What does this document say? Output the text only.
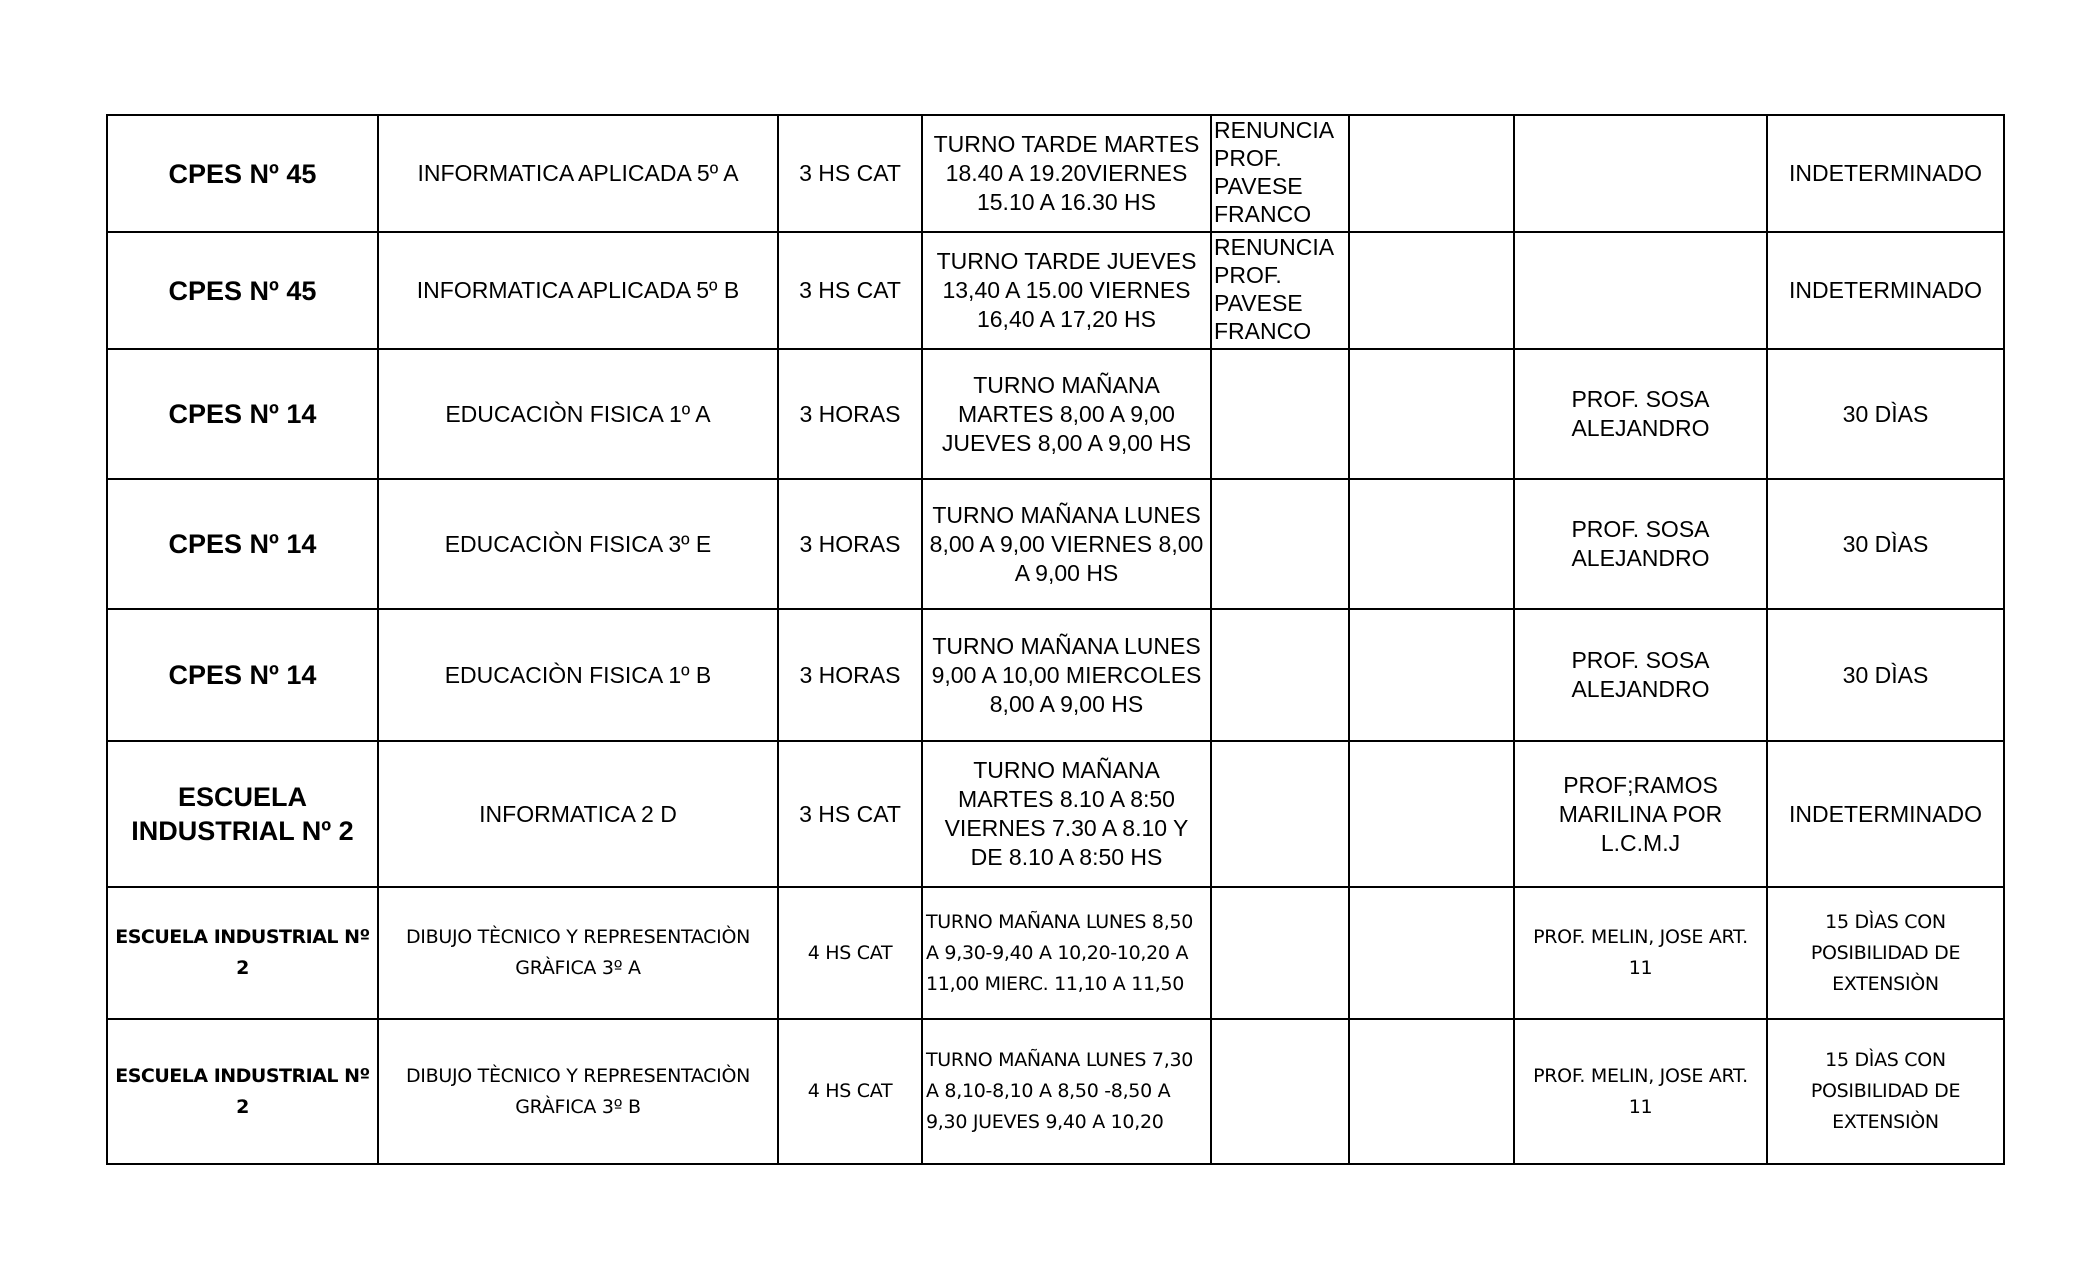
CPES Nº 45	INFORMATICA APLICADA 5º A	3 HS CAT	TURNO TARDE MARTES 18.40 A 19.20VIERNES 15.10 A 16.30 HS	RENUNCIA PROF. PAVESE FRANCO			INDETERMINADO
CPES Nº 45	INFORMATICA APLICADA 5º B	3 HS CAT	TURNO TARDE JUEVES 13,40 A 15.00 VIERNES 16,40 A 17,20 HS	RENUNCIA PROF. PAVESE FRANCO			INDETERMINADO
CPES Nº 14	EDUCACIÒN FISICA 1º A	3 HORAS	TURNO MAÑANA MARTES 8,00 A 9,00 JUEVES 8,00 A 9,00 HS			PROF. SOSA ALEJANDRO	30 DÌAS
CPES Nº 14	EDUCACIÒN FISICA 3º E	3 HORAS	TURNO MAÑANA LUNES 8,00 A 9,00 VIERNES 8,00 A 9,00 HS			PROF. SOSA ALEJANDRO	30 DÌAS
CPES Nº 14	EDUCACIÒN FISICA 1º B	3 HORAS	TURNO MAÑANA LUNES 9,00 A 10,00 MIERCOLES 8,00 A 9,00 HS			PROF. SOSA ALEJANDRO	30 DÌAS
ESCUELA INDUSTRIAL Nº 2	INFORMATICA 2 D	3 HS CAT	TURNO MAÑANA MARTES 8.10 A 8:50 VIERNES 7.30 A 8.10 Y DE 8.10 A 8:50 HS			PROF;RAMOS MARILINA POR L.C.M.J	INDETERMINADO
ESCUELA INDUSTRIAL Nº 2	DIBUJO TÈCNICO Y REPRESENTACIÒN GRÀFICA 3º A	4 HS CAT	TURNO MAÑANA LUNES 8,50 A 9,30-9,40 A 10,20-10,20 A 11,00 MIERC. 11,10 A 11,50			PROF. MELIN, JOSE ART. 11	15 DÌAS CON POSIBILIDAD DE EXTENSIÒN
ESCUELA INDUSTRIAL Nº 2	DIBUJO TÈCNICO Y REPRESENTACIÒN GRÀFICA 3º B	4 HS CAT	TURNO MAÑANA LUNES 7,30 A 8,10-8,10 A 8,50 -8,50 A 9,30 JUEVES 9,40 A 10,20			PROF. MELIN, JOSE ART. 11	15 DÌAS CON POSIBILIDAD DE EXTENSIÒN
